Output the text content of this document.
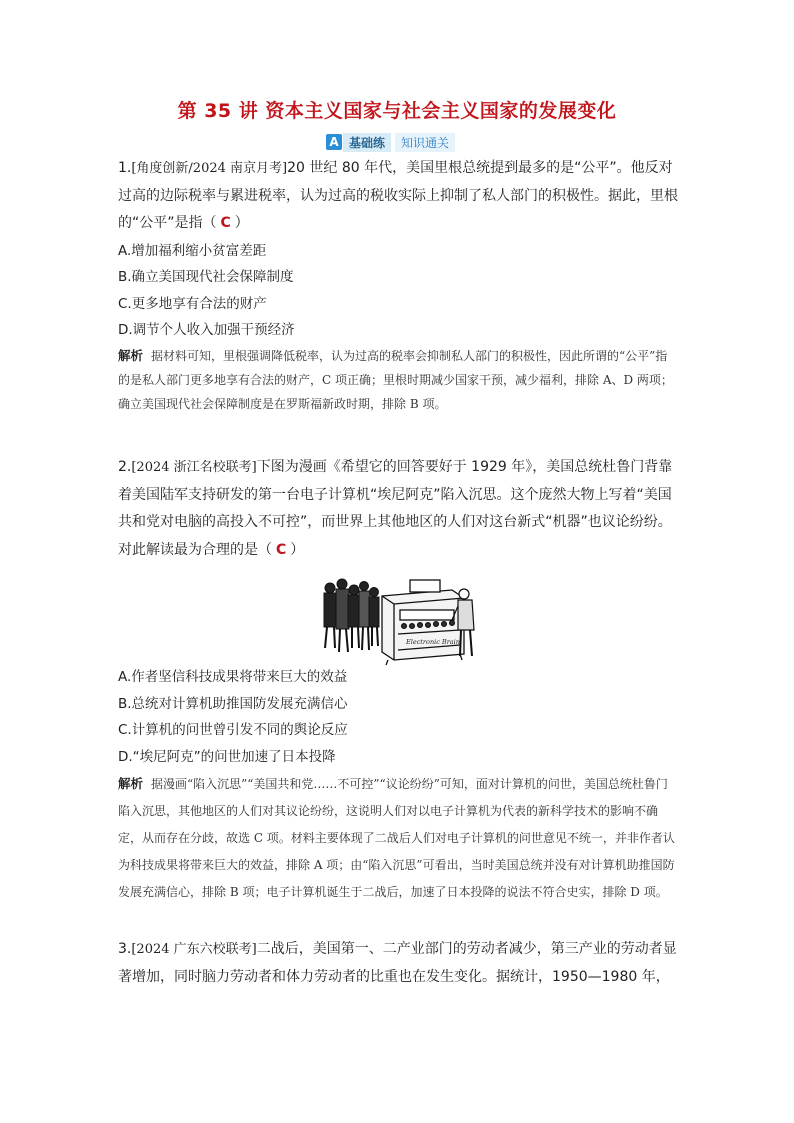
第 35 讲 资本主义国家与社会主义国家的发展变化
A 基础练	知识通关
1.[角度创新/2024 南京月考]20 世纪 80 年代，美国里根总统提到最多的是“公平”。他反对过高的边际税率与累进税率，认为过高的税收实际上抑制了私人部门的积极性。据此，里根的“公平”是指（ C ）
A.增加福利缩小贫富差距
B.确立美国现代社会保障制度
C.更多地享有合法的财产
D.调节个人收入加强干预经济
解析 据材料可知，里根强调降低税率，认为过高的税率会抑制私人部门的积极性，因此所谓的“公平”指的是私人部门更多地享有合法的财产，C 项正确；里根时期减少国家干预，减少福利，排除 A、D 两项；确立美国现代社会保障制度是在罗斯福新政时期，排除 B 项。
2.[2024 浙江名校联考]下图为漫画《希望它的回答要好于 1929 年》，美国总统杜鲁门背靠着美国陆军支持研发的第一台电子计算机“埃尼阿克”陷入沉思。这个庞然大物上写着“美国共和党对电脑的高投入不可控”，而世界上其他地区的人们对这台新式“机器”也议论纷纷。对此解读最为合理的是（ C ）
Electronic Brain
A.作者坚信科技成果将带来巨大的效益
B.总统对计算机助推国防发展充满信心
C.计算机的问世曾引发不同的舆论反应
D.“埃尼阿克”的问世加速了日本投降
解析 据漫画“陷入沉思”“美国共和党……不可控”“议论纷纷”可知，面对计算机的问世，美国总统杜鲁门陷入沉思，其他地区的人们对其议论纷纷，这说明人们对以电子计算机为代表的新科学技术的影响不确定，从而存在分歧，故选 C 项。材料主要体现了二战后人们对电子计算机的问世意见不统一，并非作者认为科技成果将带来巨大的效益，排除 A 项；由“陷入沉思”可看出，当时美国总统并没有对计算机助推国防发展充满信心，排除 B 项；电子计算机诞生于二战后，加速了日本投降的说法不符合史实，排除 D 项。
3.[2024 广东六校联考]二战后，美国第一、二产业部门的劳动者减少，第三产业的劳动者显著增加，同时脑力劳动者和体力劳动者的比重也在发生变化。据统计，1950—1980 年，
